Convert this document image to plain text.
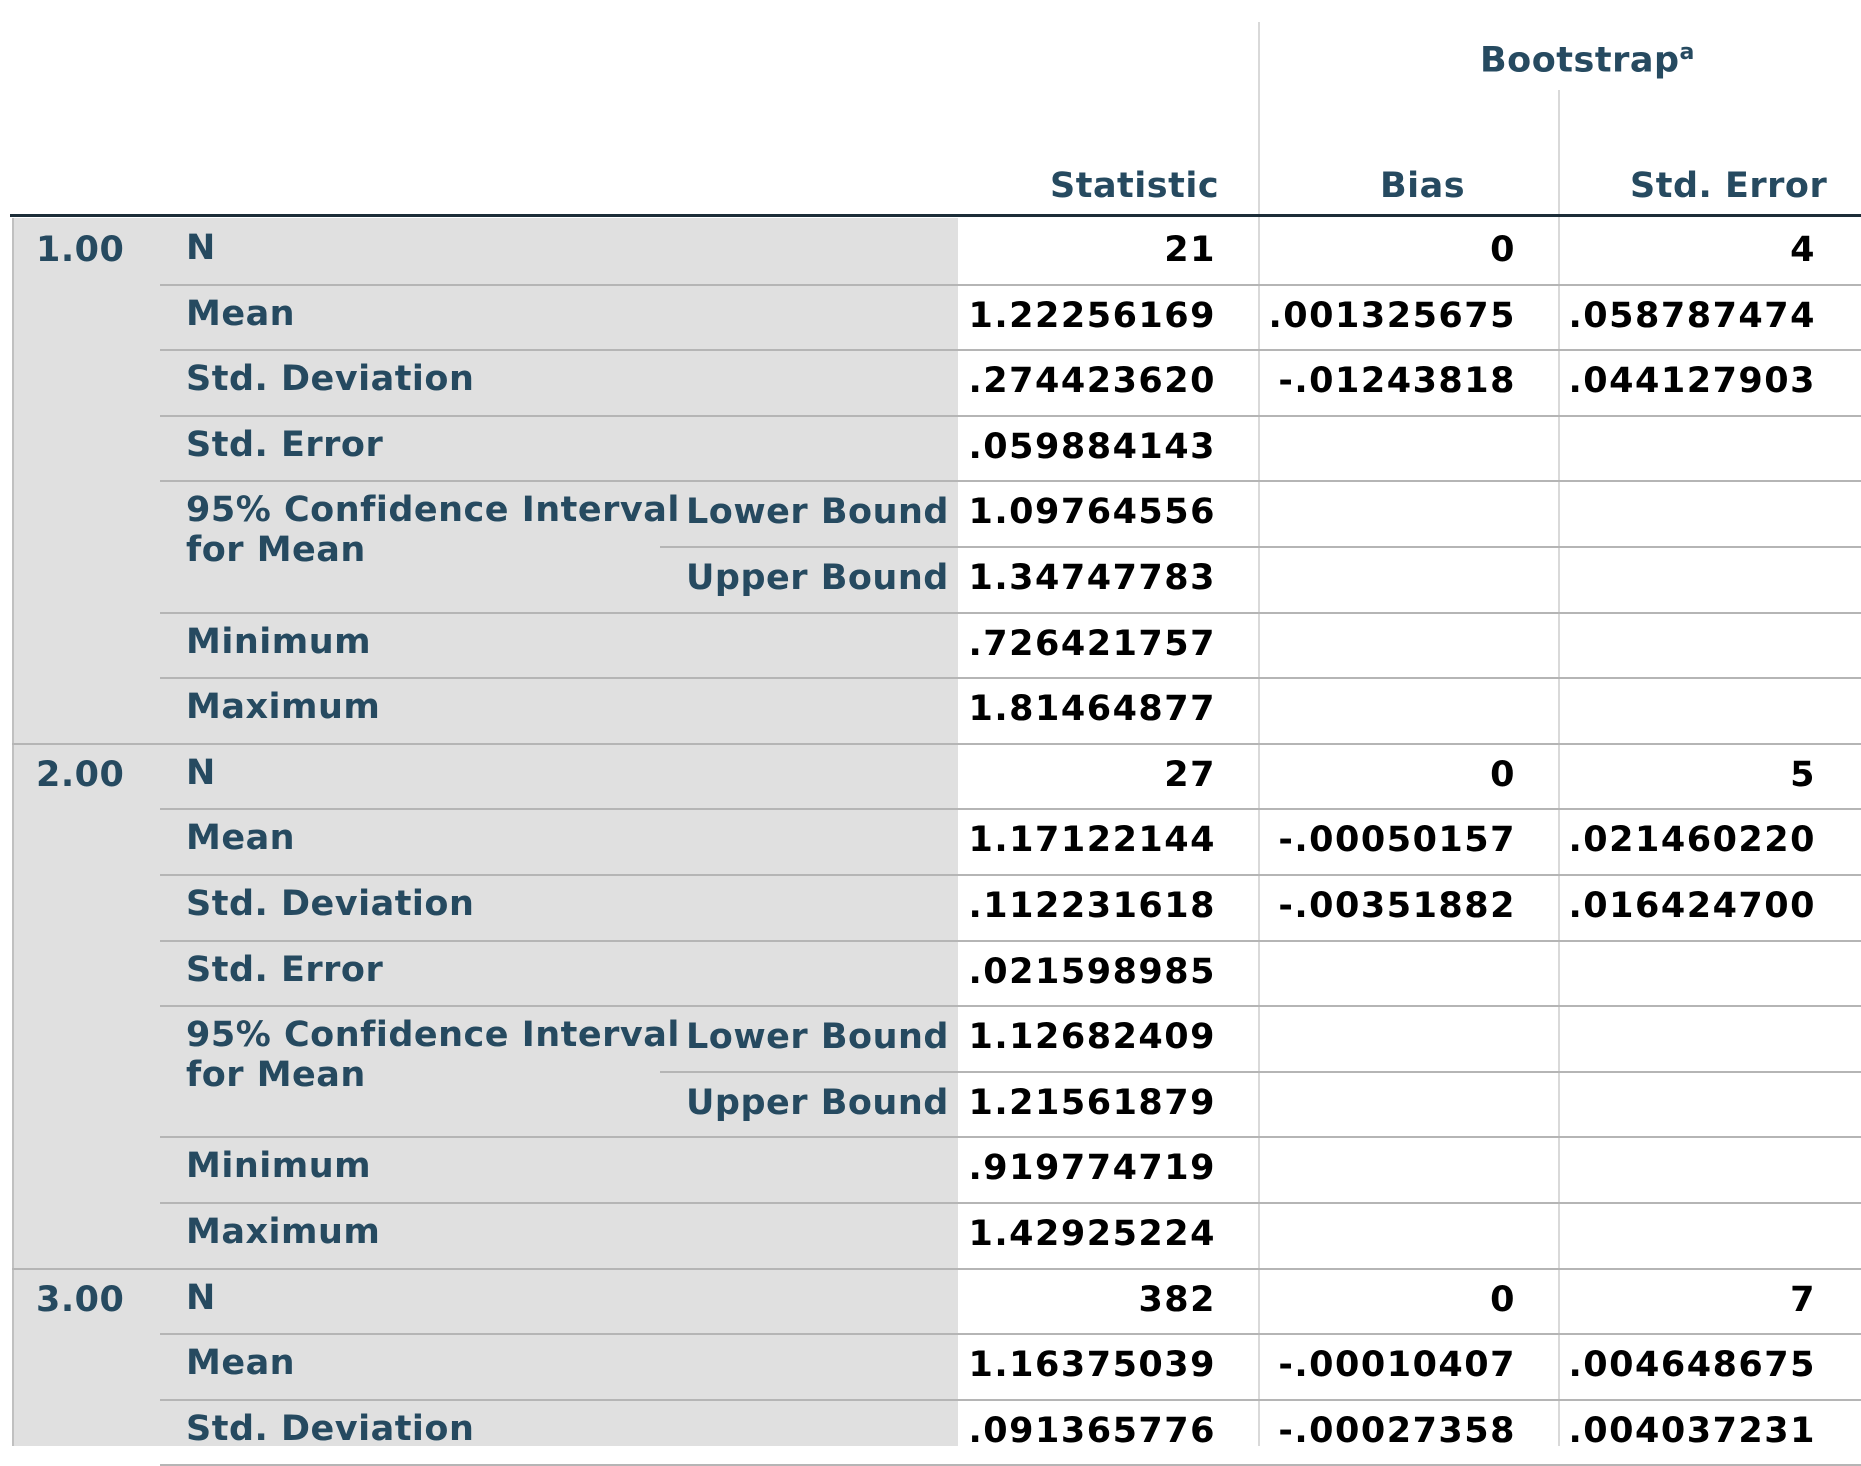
Bootstrap$^a$
Statistic	Bias	Std. Error
1.00 N	21	0	4
Mean	1.22256169 .001325675 .058787474
Std. Deviation	.274423620	-.01243818 .044127903
Std. Error	.059884143
95% Confidence Interval
for Mean
Lower Bound 1.09764556
Upper Bound 1.34747783
Minimum	.726421757
Maximum	1.81464877
2.00 N	27	0	5
Mean	1.17122144	-.00050157 .021460220
Std. Deviation	.112231618	-.00351882 .016424700
Std. Error	.021598985
95% Confidence Interval
for Mean
Lower Bound 1.12682409
Upper Bound 1.21561879
Minimum	.919774719
Maximum	1.42925224
3.00 N	382	0	7
Mean	1.16375039	-.00010407 .004648675
Std. Deviation	.091365776	-.00027358 .004037231
